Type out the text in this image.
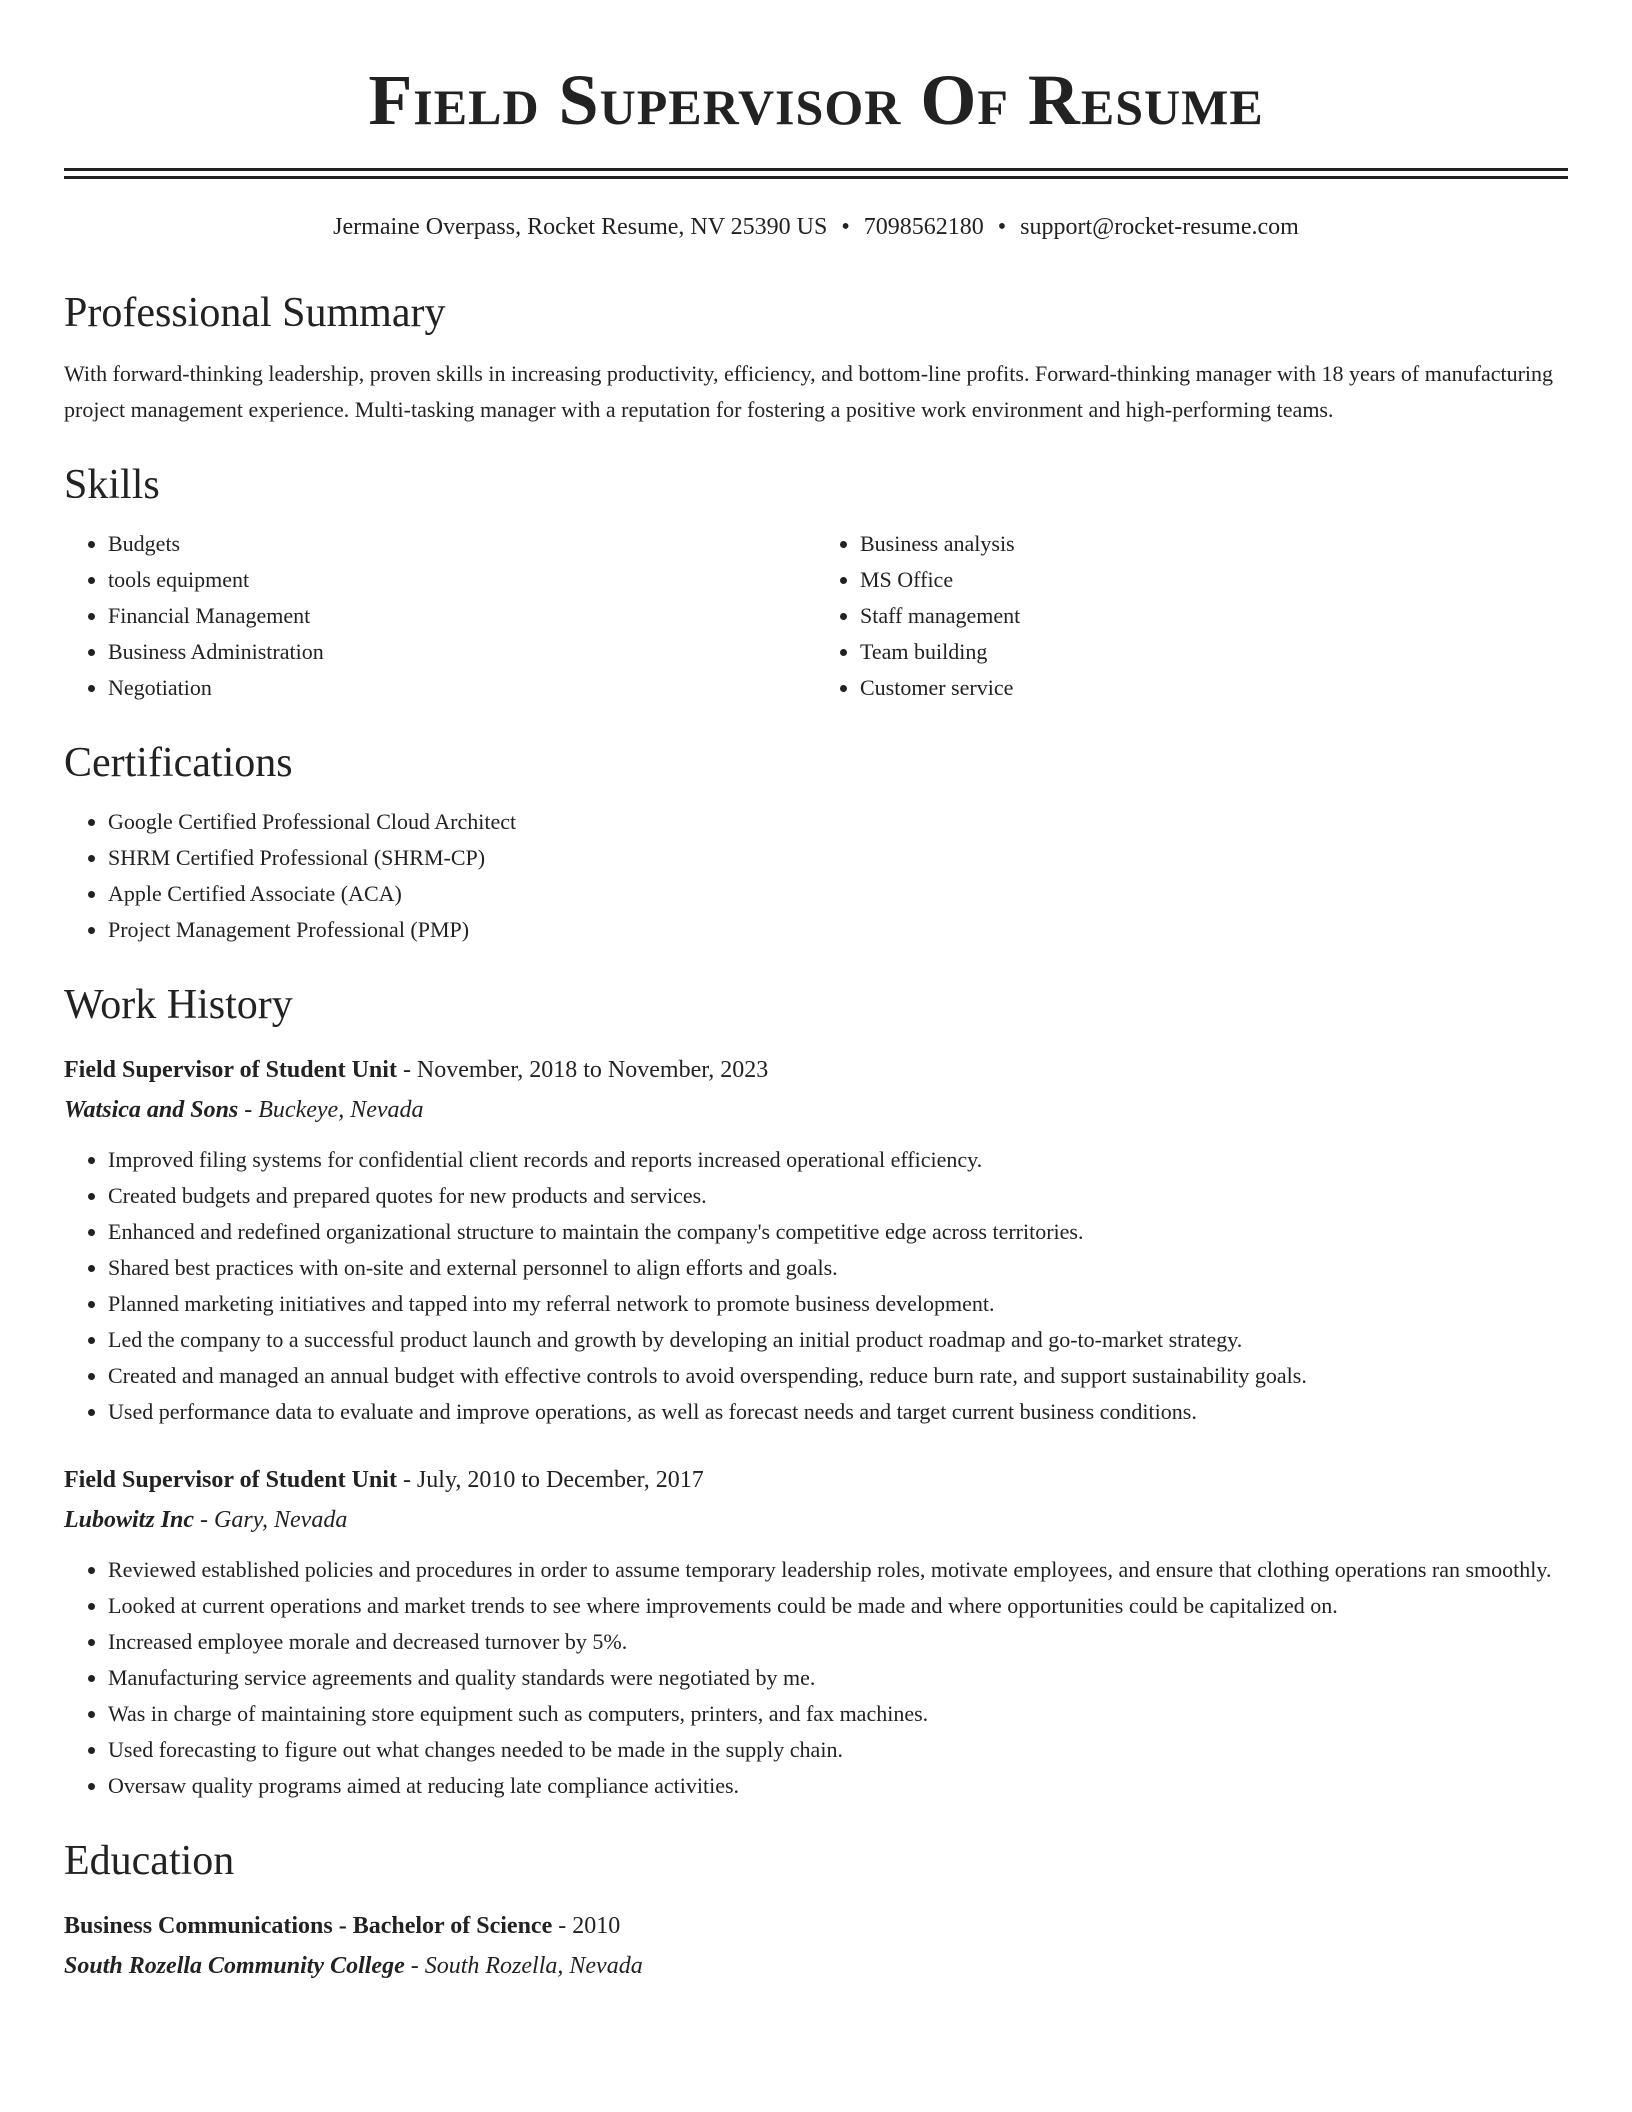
Field Supervisor Of Resume
Jermaine Overpass, Rocket Resume, NV 25390 US • 7098562180 • support@rocket-resume.com
Professional Summary

With forward-thinking leadership, proven skills in increasing productivity, efficiency, and bottom-line profits. Forward-thinking manager with 18 years of manufacturing project management experience. Multi-tasking manager with a reputation for fostering a positive work environment and high-performing teams.

Skills
• Budgets
• tools equipment
• Financial Management
• Business Administration
• Negotiation
• Business analysis
• MS Office
• Staff management
• Team building
• Customer service
Certifications
• Google Certified Professional Cloud Architect
• SHRM Certified Professional (SHRM-CP)
• Apple Certified Associate (ACA)
• Project Management Professional (PMP)
Work History
Field Supervisor of Student Unit - November, 2018 to November, 2023
Watsica and Sons - Buckeye, Nevada
• Improved filing systems for confidential client records and reports increased operational efficiency.
• Created budgets and prepared quotes for new products and services.
• Enhanced and redefined organizational structure to maintain the company's competitive edge across territories.
• Shared best practices with on-site and external personnel to align efforts and goals.
• Planned marketing initiatives and tapped into my referral network to promote business development.
• Led the company to a successful product launch and growth by developing an initial product roadmap and go-to-market strategy.
• Created and managed an annual budget with effective controls to avoid overspending, reduce burn rate, and support sustainability goals.
• Used performance data to evaluate and improve operations, as well as forecast needs and target current business conditions.
Field Supervisor of Student Unit - July, 2010 to December, 2017
Lubowitz Inc - Gary, Nevada
• Reviewed established policies and procedures in order to assume temporary leadership roles, motivate employees, and ensure that clothing operations ran smoothly.
• Looked at current operations and market trends to see where improvements could be made and where opportunities could be capitalized on.
• Increased employee morale and decreased turnover by 5%.
• Manufacturing service agreements and quality standards were negotiated by me.
• Was in charge of maintaining store equipment such as computers, printers, and fax machines.
• Used forecasting to figure out what changes needed to be made in the supply chain.
• Oversaw quality programs aimed at reducing late compliance activities.
Education
Business Communications - Bachelor of Science - 2010
South Rozella Community College - South Rozella, Nevada
